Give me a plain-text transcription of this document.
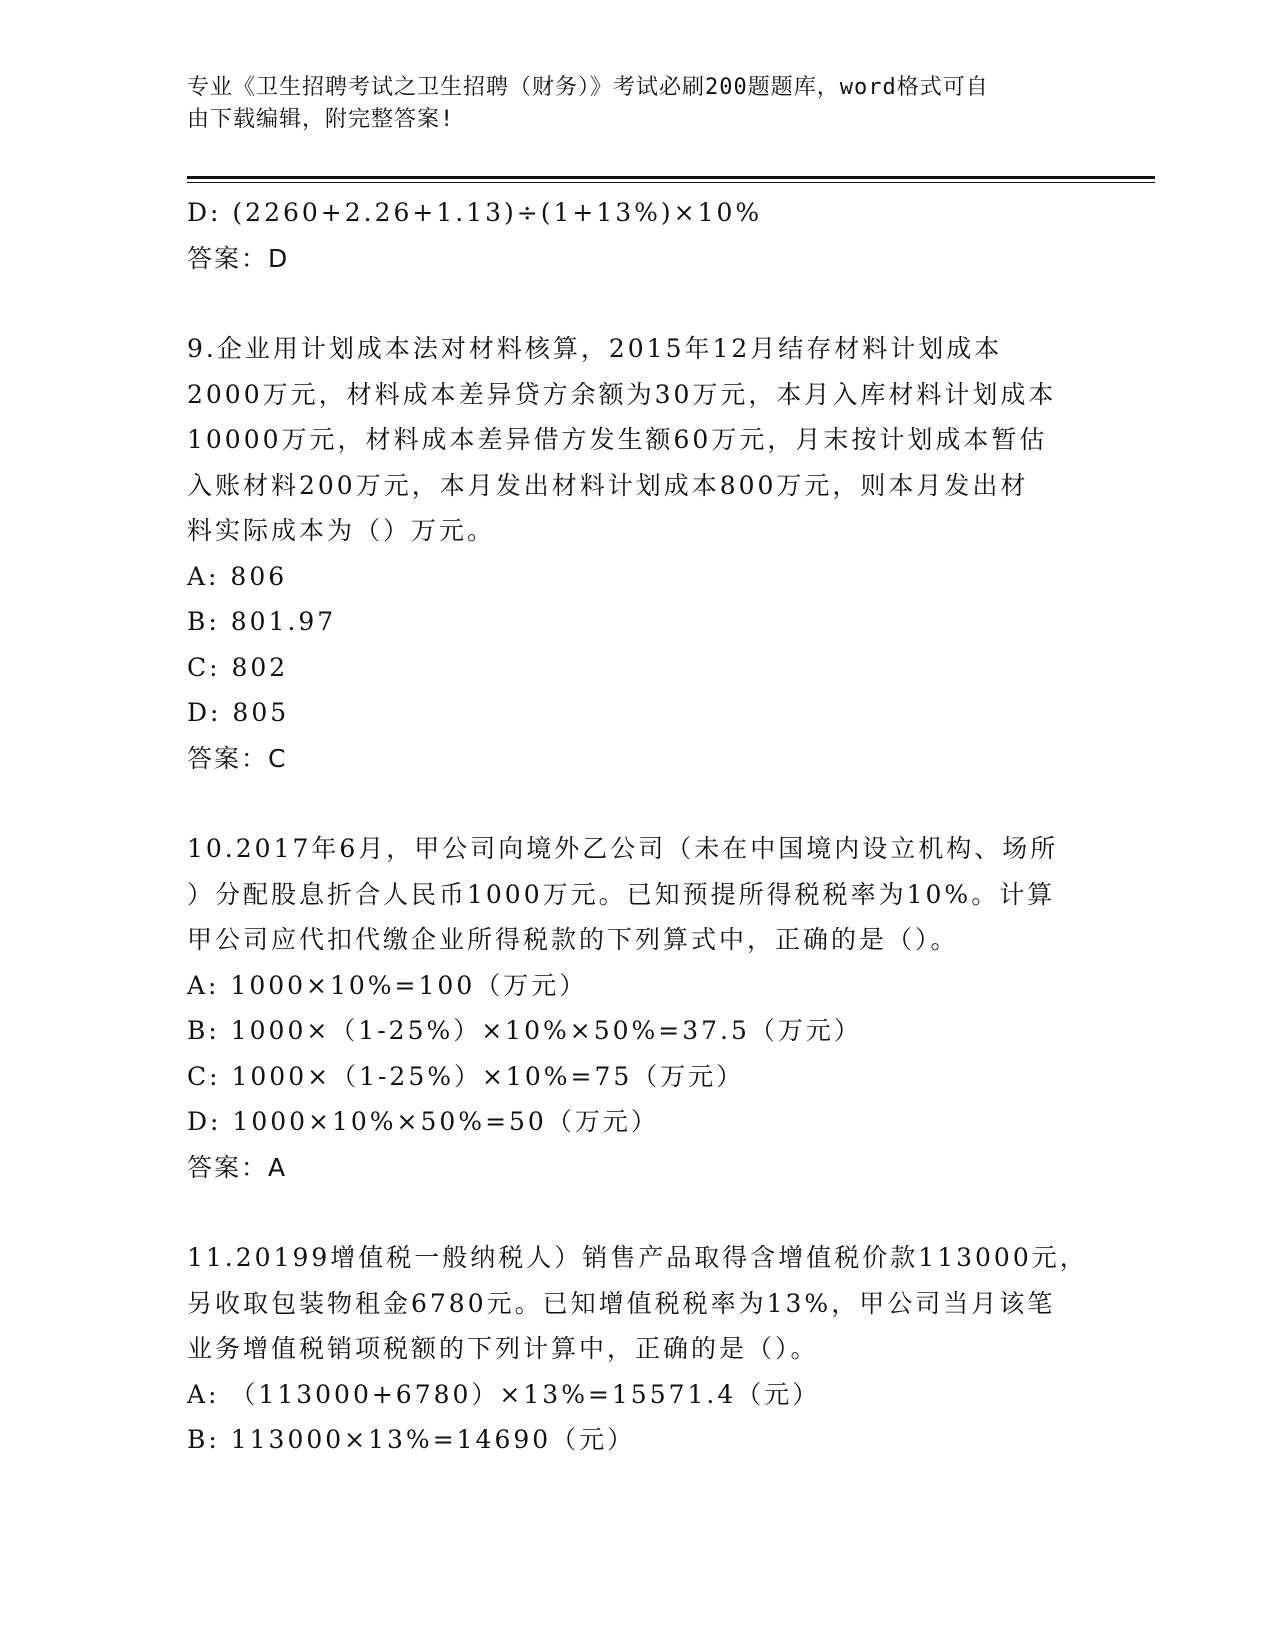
专业《卫生招聘考试之卫生招聘（财务）》考试必刷200题题库，word格式可自
由下载编辑，附完整答案!
D: (2260+2.26+1.13)÷(1+13%)×10%
答案：D
9.企业用计划成本法对材料核算，2015年12月结存材料计划成本
2000万元，材料成本差异贷方余额为30万元，本月入库材料计划成本
10000万元，材料成本差异借方发生额60万元，月末按计划成本暂估
入账材料200万元，本月发出材料计划成本800万元，则本月发出材
料实际成本为（）万元。
A: 806
B: 801.97
C: 802
D: 805
答案：C
10.2017年6月，甲公司向境外乙公司（未在中国境内设立机构、场所
）分配股息折合人民币1000万元。已知预提所得税税率为10%。计算
甲公司应代扣代缴企业所得税款的下列算式中，正确的是（）。
A: 1000×10%=100（万元）
B: 1000×（1-25%）×10%×50%=37.5（万元）
C: 1000×（1-25%）×10%=75（万元）
D: 1000×10%×50%=50（万元）
答案：A
11.20199增值税一般纳税人）销售产品取得含增值税价款113000元，
另收取包装物租金6780元。已知增值税税率为13%，甲公司当月该笔
业务增值税销项税额的下列计算中，正确的是（）。
A: （113000+6780）×13%=15571.4（元）
B: 113000×13%=14690（元）
